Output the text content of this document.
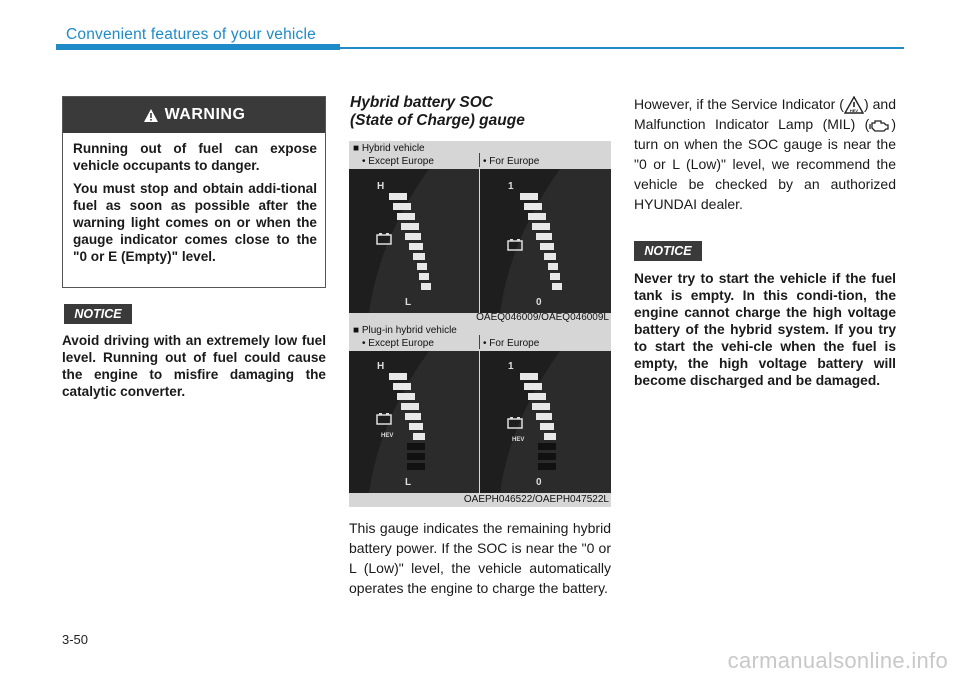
Convenient features of your vehicle
WARNING

Running out of fuel can expose vehicle occupants to danger.

You must stop and obtain addi-tional fuel as soon as possible after the warning light comes on or when the gauge indicator comes close to the "0 or E (Empty)" level.

NOTICE

Avoid driving with an extremely low fuel level. Running out of fuel could cause the engine to misfire damaging the catalytic converter.

Hybrid battery SOC
(State of Charge) gauge
■ Hybrid vehicle
• Except Europe	• For Europe
H
L
1
0
OAEQ046009/OAEQ046009L
■ Plug-in hybrid vehicle
• Except Europe	• For Europe
H
L
HEV
1
0
HEV
OAEPH046522/OAEPH047522L

This gauge indicates the remaining hybrid battery power. If the SOC is near the "0 or L (Low)" level, the vehicle automatically operates the engine to charge the battery.

However, if the Service Indicator ( HEV ) and Malfunction Indicator Lamp (MIL) ( ) turn on when the SOC gauge is near the "0 or L (Low)" level, we recommend the vehicle be checked by an authorized HYUNDAI dealer.

NOTICE

Never try to start the vehicle if the fuel tank is empty. In this condi-tion, the engine cannot charge the high voltage battery of the hybrid system. If you try to start the vehi-cle when the fuel is empty, the high voltage battery will become discharged and be damaged.

3-50
carmanualsonline.info
